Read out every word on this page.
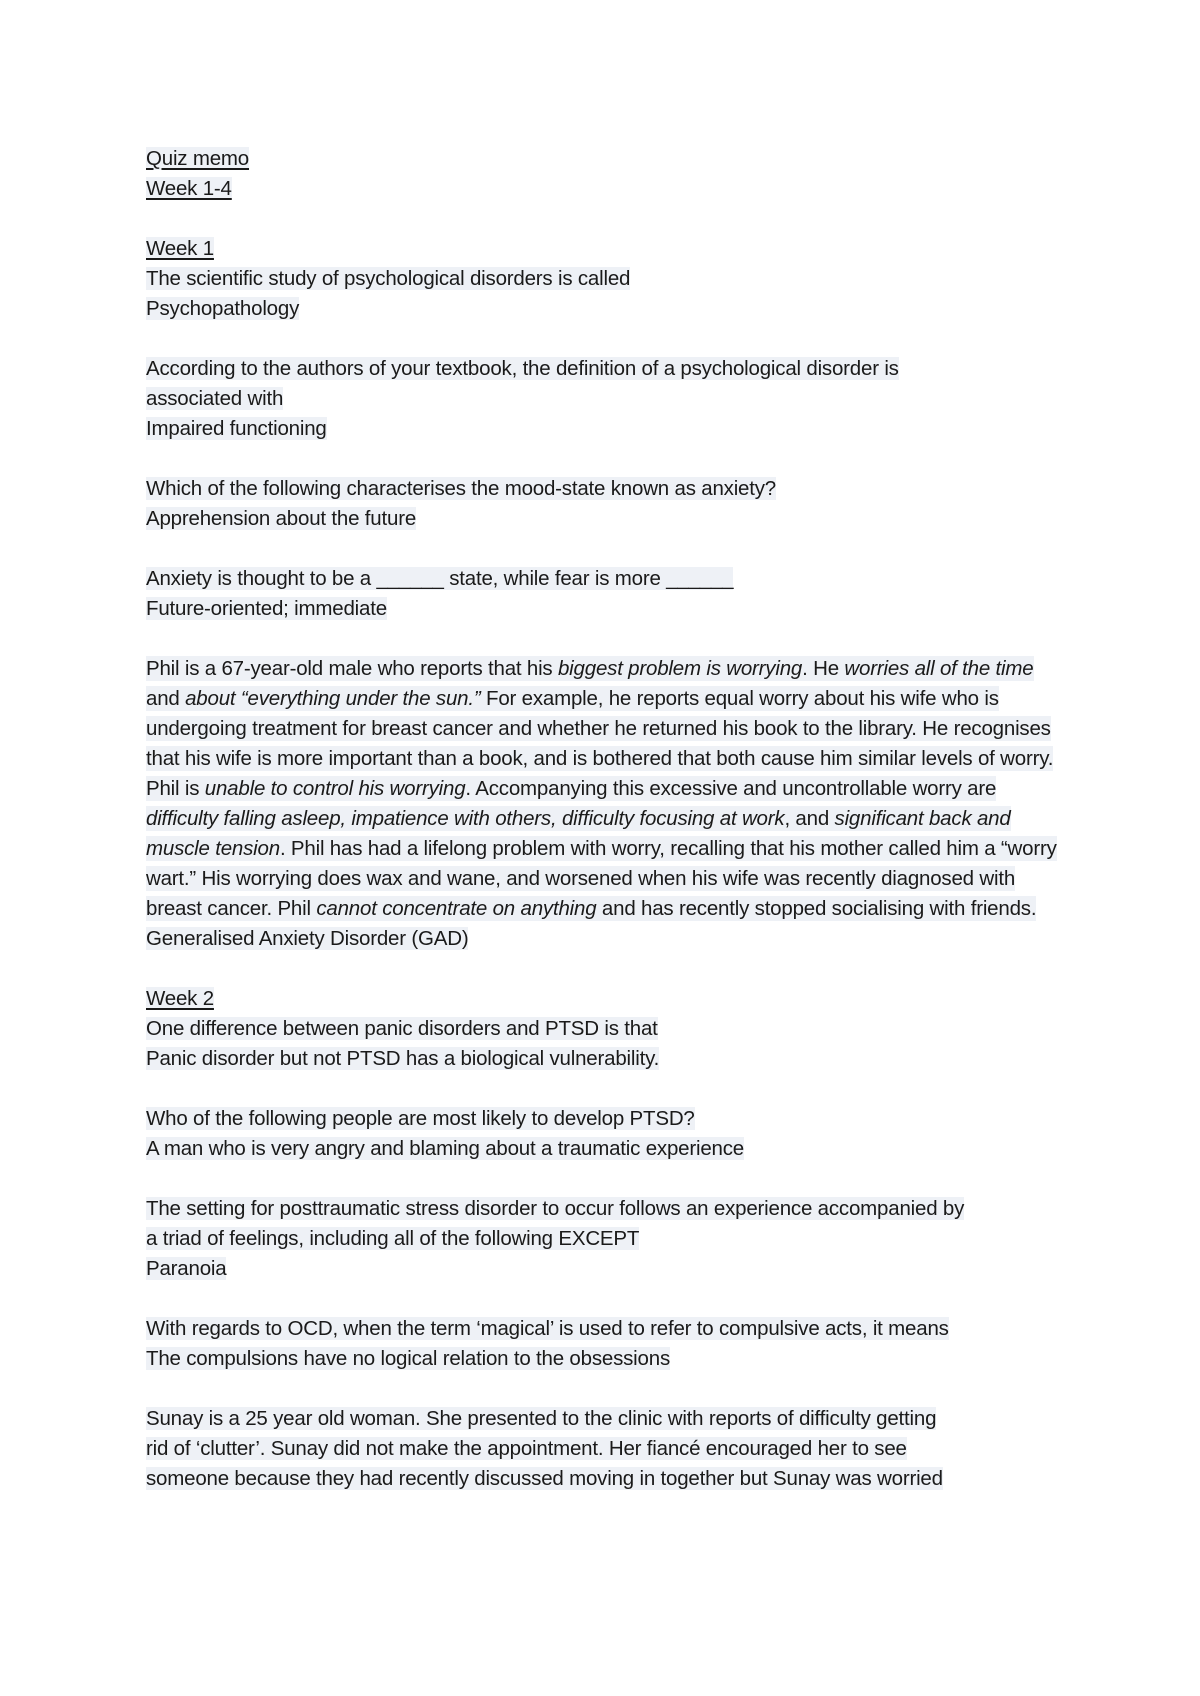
Quiz memo
Week 1-4
Week 1
The scientific study of psychological disorders is called
Psychopathology
According to the authors of your textbook, the definition of a psychological disorder is
associated with
Impaired functioning
Which of the following characterises the mood-state known as anxiety?
Apprehension about the future
Anxiety is thought to be a ______ state, while fear is more ______
Future-oriented; immediate
Phil is a 67-year-old male who reports that his biggest problem is worrying. He worries all of the time and about “everything under the sun.” For example, he reports equal worry about his wife who is undergoing treatment for breast cancer and whether he returned his book to the library. He recognises that his wife is more important than a book, and is bothered that both cause him similar levels of worry. Phil is unable to control his worrying. Accompanying this excessive and uncontrollable worry are difficulty falling asleep, impatience with others, difficulty focusing at work, and significant back and muscle tension. Phil has had a lifelong problem with worry, recalling that his mother called him a “worry wart.” His worrying does wax and wane, and worsened when his wife was recently diagnosed with breast cancer. Phil cannot concentrate on anything and has recently stopped socialising with friends.
Generalised Anxiety Disorder (GAD)
Week 2
One difference between panic disorders and PTSD is that
Panic disorder but not PTSD has a biological vulnerability.
Who of the following people are most likely to develop PTSD?
A man who is very angry and blaming about a traumatic experience
The setting for posttraumatic stress disorder to occur follows an experience accompanied by
a triad of feelings, including all of the following EXCEPT
Paranoia
With regards to OCD, when the term ‘magical’ is used to refer to compulsive acts, it means
The compulsions have no logical relation to the obsessions
Sunay is a 25 year old woman. She presented to the clinic with reports of difficulty getting
rid of ‘clutter’. Sunay did not make the appointment. Her fiancé encouraged her to see
someone because they had recently discussed moving in together but Sunay was worried
